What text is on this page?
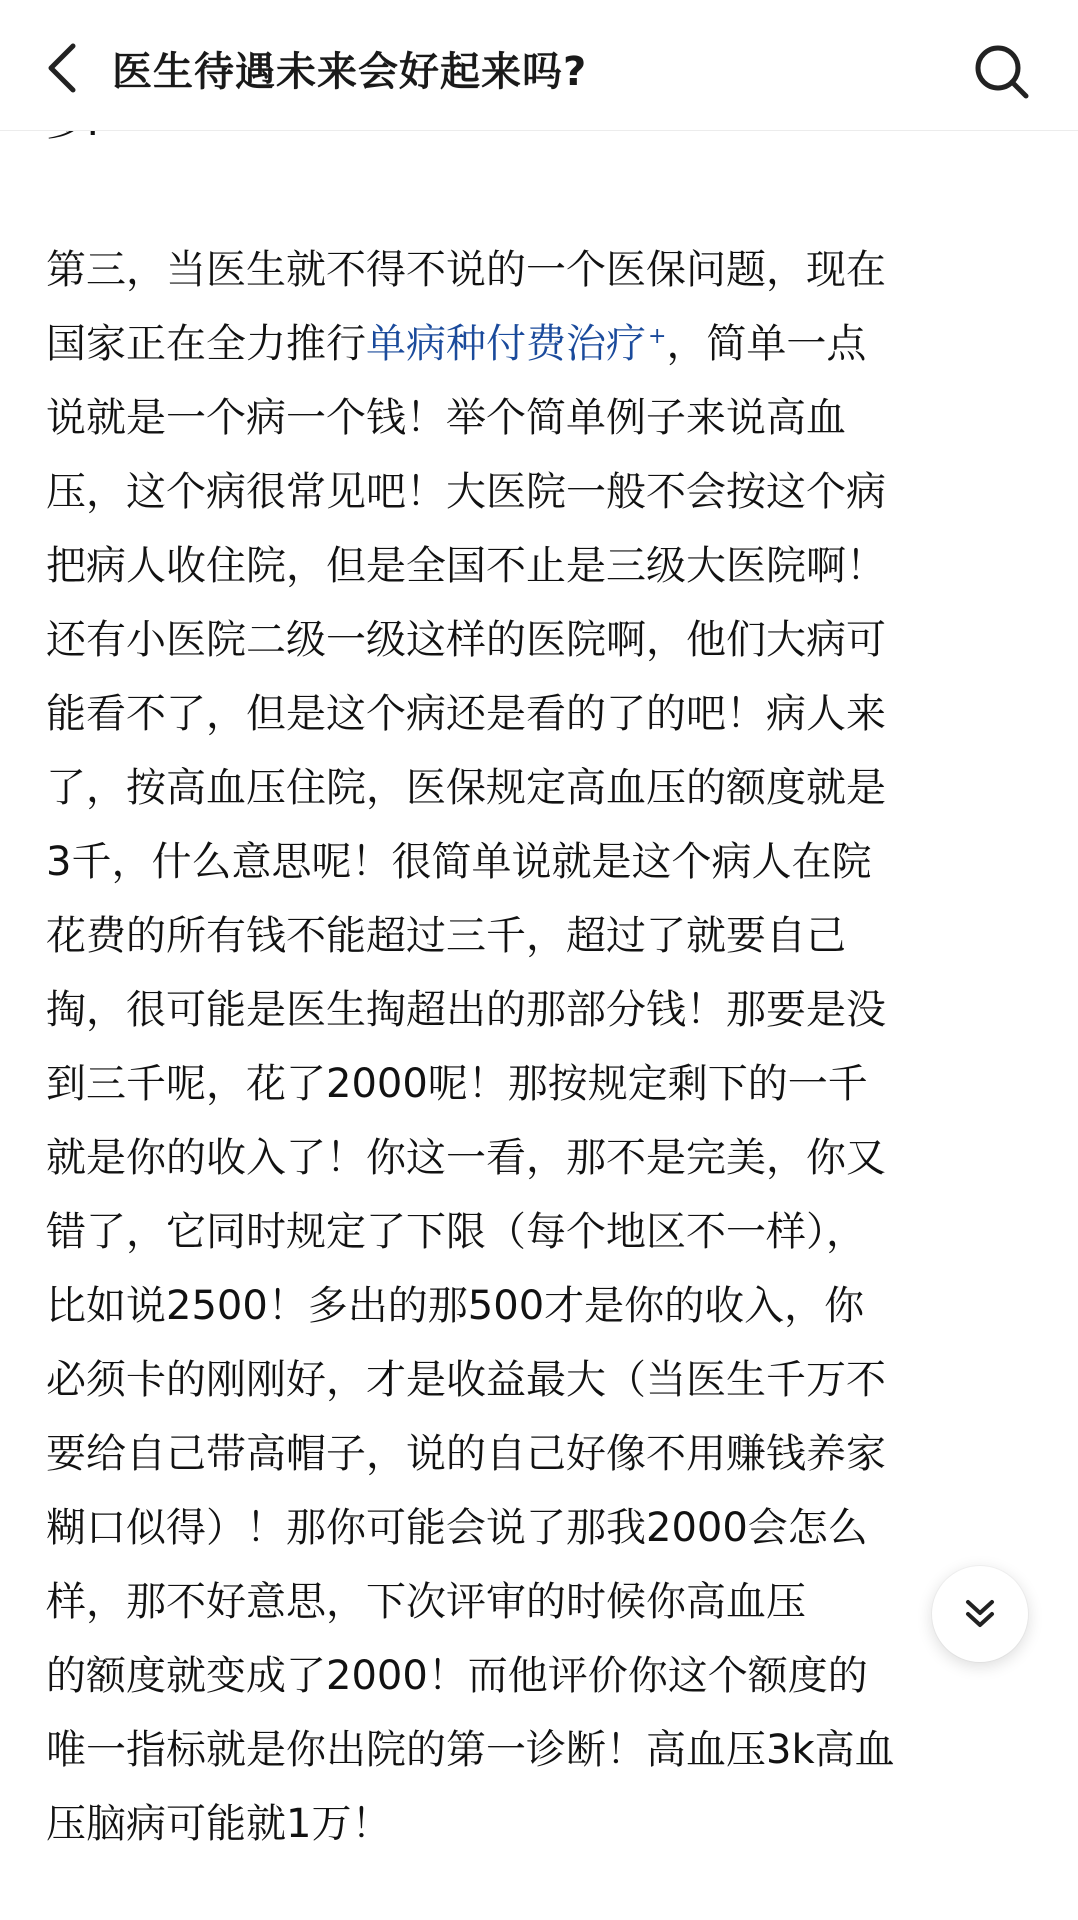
医生待遇未来会好起来吗?

第三，当医生就不得不说的一个医保问题，现在
国家正在全力推行单病种付费治疗+，简单一点
说就是一个病一个钱！举个简单例子来说高血
压，这个病很常见吧！大医院一般不会按这个病
把病人收住院，但是全国不止是三级大医院啊！
还有小医院二级一级这样的医院啊，他们大病可
能看不了，但是这个病还是看的了的吧！病人来
了，按高血压住院，医保规定高血压的额度就是
3千，什么意思呢！很简单说就是这个病人在院
花费的所有钱不能超过三千，超过了就要自己
掏，很可能是医生掏超出的那部分钱！那要是没
到三千呢，花了2000呢！那按规定剩下的一千
就是你的收入了！你这一看，那不是完美，你又
错了，它同时规定了下限（每个地区不一样），
比如说2500！多出的那500才是你的收入，你
必须卡的刚刚好，才是收益最大（当医生千万不
要给自己带高帽子，说的自己好像不用赚钱养家
糊口似得）！那你可能会说了那我2000会怎么
样，那不好意思，下次评审的时候你高血压
的额度就变成了2000！而他评价你这个额度的
唯一指标就是你出院的第一诊断！高血压3k高血
压脑病可能就1万！
